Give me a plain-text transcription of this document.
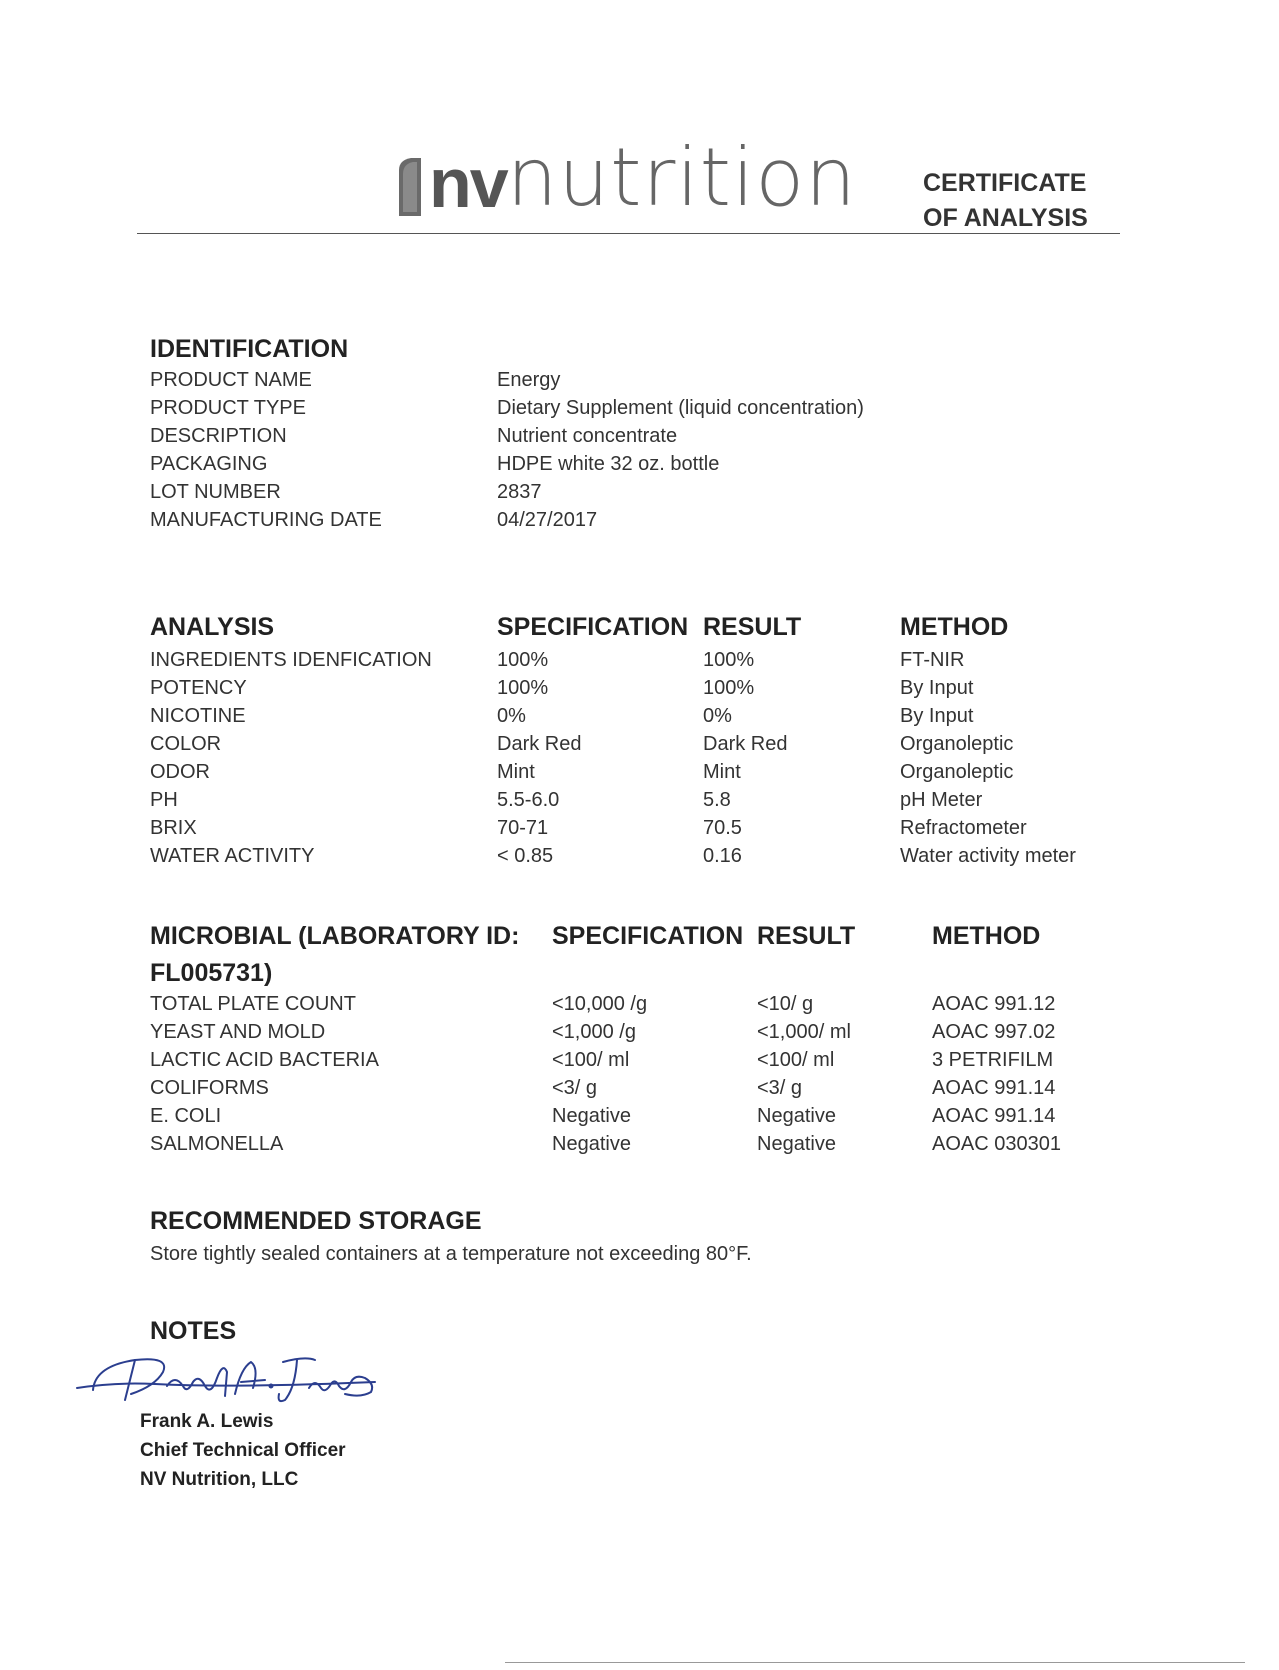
nv nutrition	CERTIFICATE
OF ANALYSIS
IDENTIFICATION
PRODUCT NAME	Energy
PRODUCT TYPE	Dietary Supplement (liquid concentration)
DESCRIPTION	Nutrient concentrate
PACKAGING	HDPE white 32 oz. bottle
LOT NUMBER	2837
MANUFACTURING DATE	04/27/2017
ANALYSIS	SPECIFICATION RESULT	METHOD
INGREDIENTS IDENFICATION	100%	100%	FT-NIR
POTENCY	100%	100%	By Input
NICOTINE	0%	0%	By Input
COLOR	Dark Red	Dark Red	Organoleptic
ODOR	Mint	Mint	Organoleptic
PH	5.5-6.0	5.8	pH Meter
BRIX	70-71	70.5	Refractometer
WATER ACTIVITY	< 0.85	0.16	Water activity meter
MICROBIAL (LABORATORY ID:
FL005731)
SPECIFICATION RESULT	METHOD
TOTAL PLATE COUNT	<10,000 /g	<10/ g	AOAC 991.12
YEAST AND MOLD	<1,000 /g	<1,000/ ml	AOAC 997.02
LACTIC ACID BACTERIA	<100/ ml	<100/ ml	3 PETRIFILM
COLIFORMS	<3/ g	<3/ g	AOAC 991.14
E. COLI	Negative	Negative	AOAC 991.14
SALMONELLA	Negative	Negative	AOAC 030301
RECOMMENDED STORAGE
Store tightly sealed containers at a temperature not exceeding 80°F.
NOTES
Frank A. Lewis
Chief Technical Officer
NV Nutrition, LLC
